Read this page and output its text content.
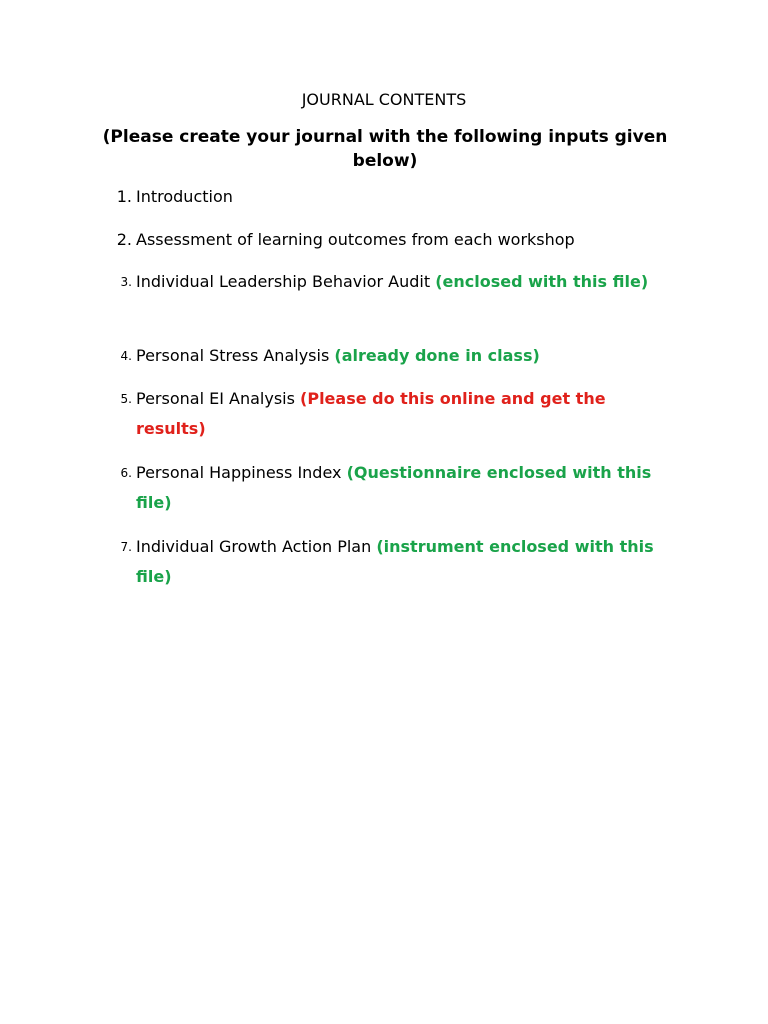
JOURNAL CONTENTS

(Please create your journal with the following inputs given below)

1. Introduction
2. Assessment of learning outcomes from each workshop
3. Individual Leadership Behavior Audit (enclosed with this file)
4. Personal Stress Analysis (already done in class)
5. Personal EI Analysis (Please do this online and get the results)
6. Personal Happiness Index (Questionnaire enclosed with this file)
7. Individual Growth Action Plan (instrument enclosed with this file)
